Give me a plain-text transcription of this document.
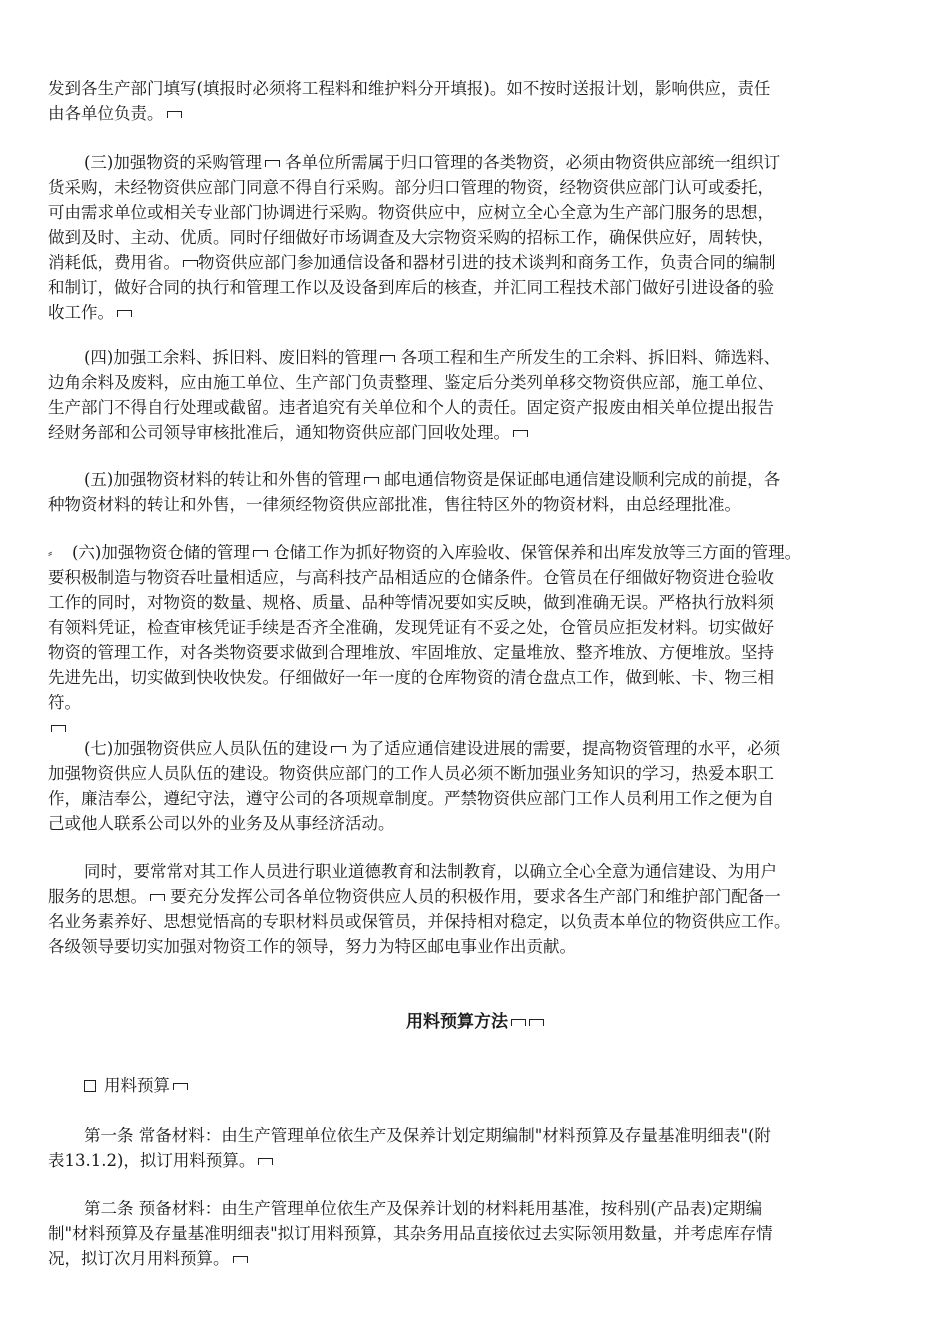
发到各生产部门填写(填报时必须将工程料和维护料分开填报)。如不按时送报计划，影响供应，责任
由各单位负责。
(三)加强物资的采购管理 各单位所需属于归口管理的各类物资，必须由物资供应部统一组织订
货采购，未经物资供应部门同意不得自行采购。部分归口管理的物资，经物资供应部门认可或委托，
可由需求单位或相关专业部门协调进行采购。物资供应中，应树立全心全意为生产部门服务的思想，
做到及时、主动、优质。同时仔细做好市场调查及大宗物资采购的招标工作，确保供应好，周转快，
消耗低，费用省。 物资供应部门参加通信设备和器材引进的技术谈判和商务工作，负责合同的编制
和制订，做好合同的执行和管理工作以及设备到库后的核查，并汇同工程技术部门做好引进设备的验
收工作。
(四)加强工余料、拆旧料、废旧料的管理 各项工程和生产所发生的工余料、拆旧料、筛选料、
边角余料及废料，应由施工单位、生产部门负责整理、鉴定后分类列单移交物资供应部，施工单位、
生产部门不得自行处理或截留。违者追究有关单位和个人的责任。固定资产报废由相关单位提出报告
经财务部和公司领导审核批准后，通知物资供应部门回收处理。
(五)加强物资材料的转让和外售的管理 邮电通信物资是保证邮电通信建设顺利完成的前提，各
种物资材料的转让和外售，一律须经物资供应部批准，售往特区外的物资材料，由总经理批准。
⸗	(六)加强物资仓储的管理 仓储工作为抓好物资的入库验收、保管保养和出库发放等三方面的管理。
要积极制造与物资吞吐量相适应，与高科技产品相适应的仓储条件。仓管员在仔细做好物资进仓验收
工作的同时，对物资的数量、规格、质量、品种等情况要如实反映，做到准确无误。严格执行放料须
有领料凭证，检查审核凭证手续是否齐全准确，发现凭证有不妥之处，仓管员应拒发材料。切实做好
物资的管理工作，对各类物资要求做到合理堆放、牢固堆放、定量堆放、整齐堆放、方便堆放。坚持
先进先出，切实做到快收快发。仔细做好一年一度的仓库物资的清仓盘点工作，做到帐、卡、物三相
符。
(七)加强物资供应人员队伍的建设 为了适应通信建设进展的需要，提高物资管理的水平，必须
加强物资供应人员队伍的建设。物资供应部门的工作人员必须不断加强业务知识的学习，热爱本职工
作，廉洁奉公，遵纪守法，遵守公司的各项规章制度。严禁物资供应部门工作人员利用工作之便为自
己或他人联系公司以外的业务及从事经济活动。
同时，要常常对其工作人员进行职业道德教育和法制教育，以确立全心全意为通信建设、为用户
服务的思想。 要充分发挥公司各单位物资供应人员的积极作用，要求各生产部门和维护部门配备一
名业务素养好、思想觉悟高的专职材料员或保管员，并保持相对稳定，以负责本单位的物资供应工作。
各级领导要切实加强对物资工作的领导，努力为特区邮电事业作出贡献。
用料预算方法
用料预算
第一条 常备材料：由生产管理单位依生产及保养计划定期编制"材料预算及存量基准明细表"(附
表13.1.2)，拟订用料预算。
第二条 预备材料：由生产管理单位依生产及保养计划的材料耗用基准，按科别(产品表)定期编
制"材料预算及存量基准明细表"拟订用料预算，其杂务用品直接依过去实际领用数量，并考虑库存情
况，拟订次月用料预算。
